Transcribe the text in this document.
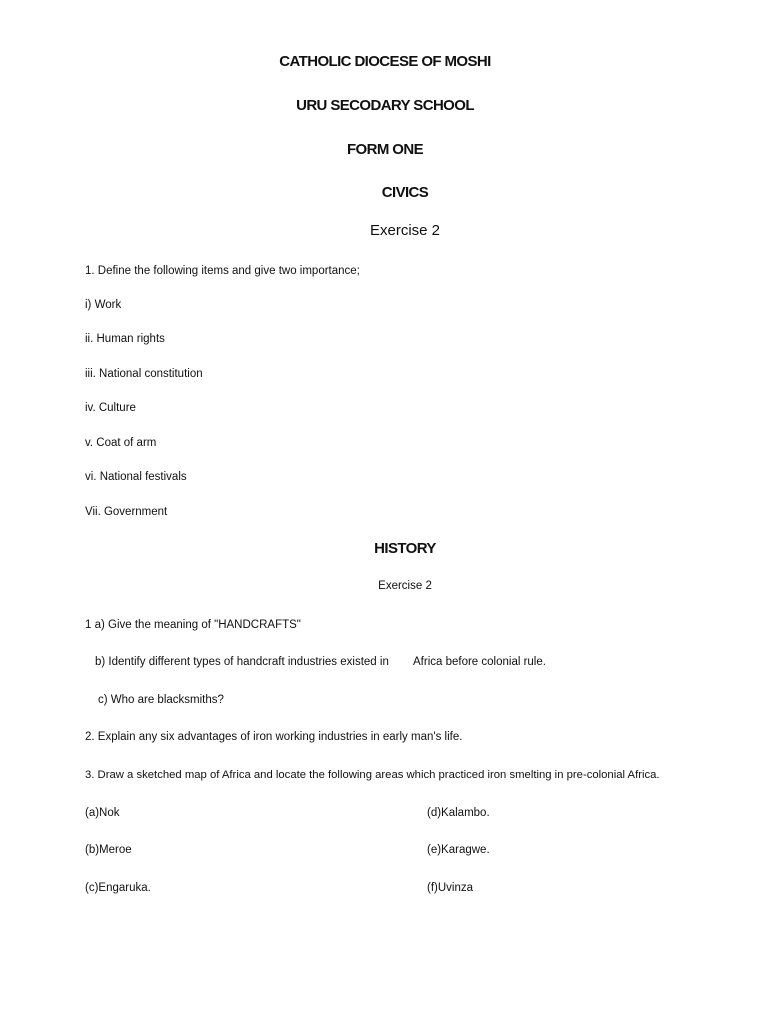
CATHOLIC DIOCESE OF MOSHI
URU SECODARY SCHOOL
FORM ONE
CIVICS
Exercise 2
1. Define the following items and give two importance;
i) Work
ii. Human rights
iii. National constitution
iv. Culture
v. Coat of arm
vi. National festivals
Vii. Government
HISTORY
Exercise 2
1 a) Give the meaning of "HANDCRAFTS"
b) Identify different types of handcraft industries existed in Africa before colonial rule.
c) Who are blacksmiths?
2. Explain any six advantages of iron working industries in early man's life.
3. Draw a sketched map of Africa and locate the following areas which practiced iron smelting in pre-colonial Africa.
(a)Nok	(d)Kalambo.
(b)Meroe	(e)Karagwe.
(c)Engaruka.	(f)Uvinza
